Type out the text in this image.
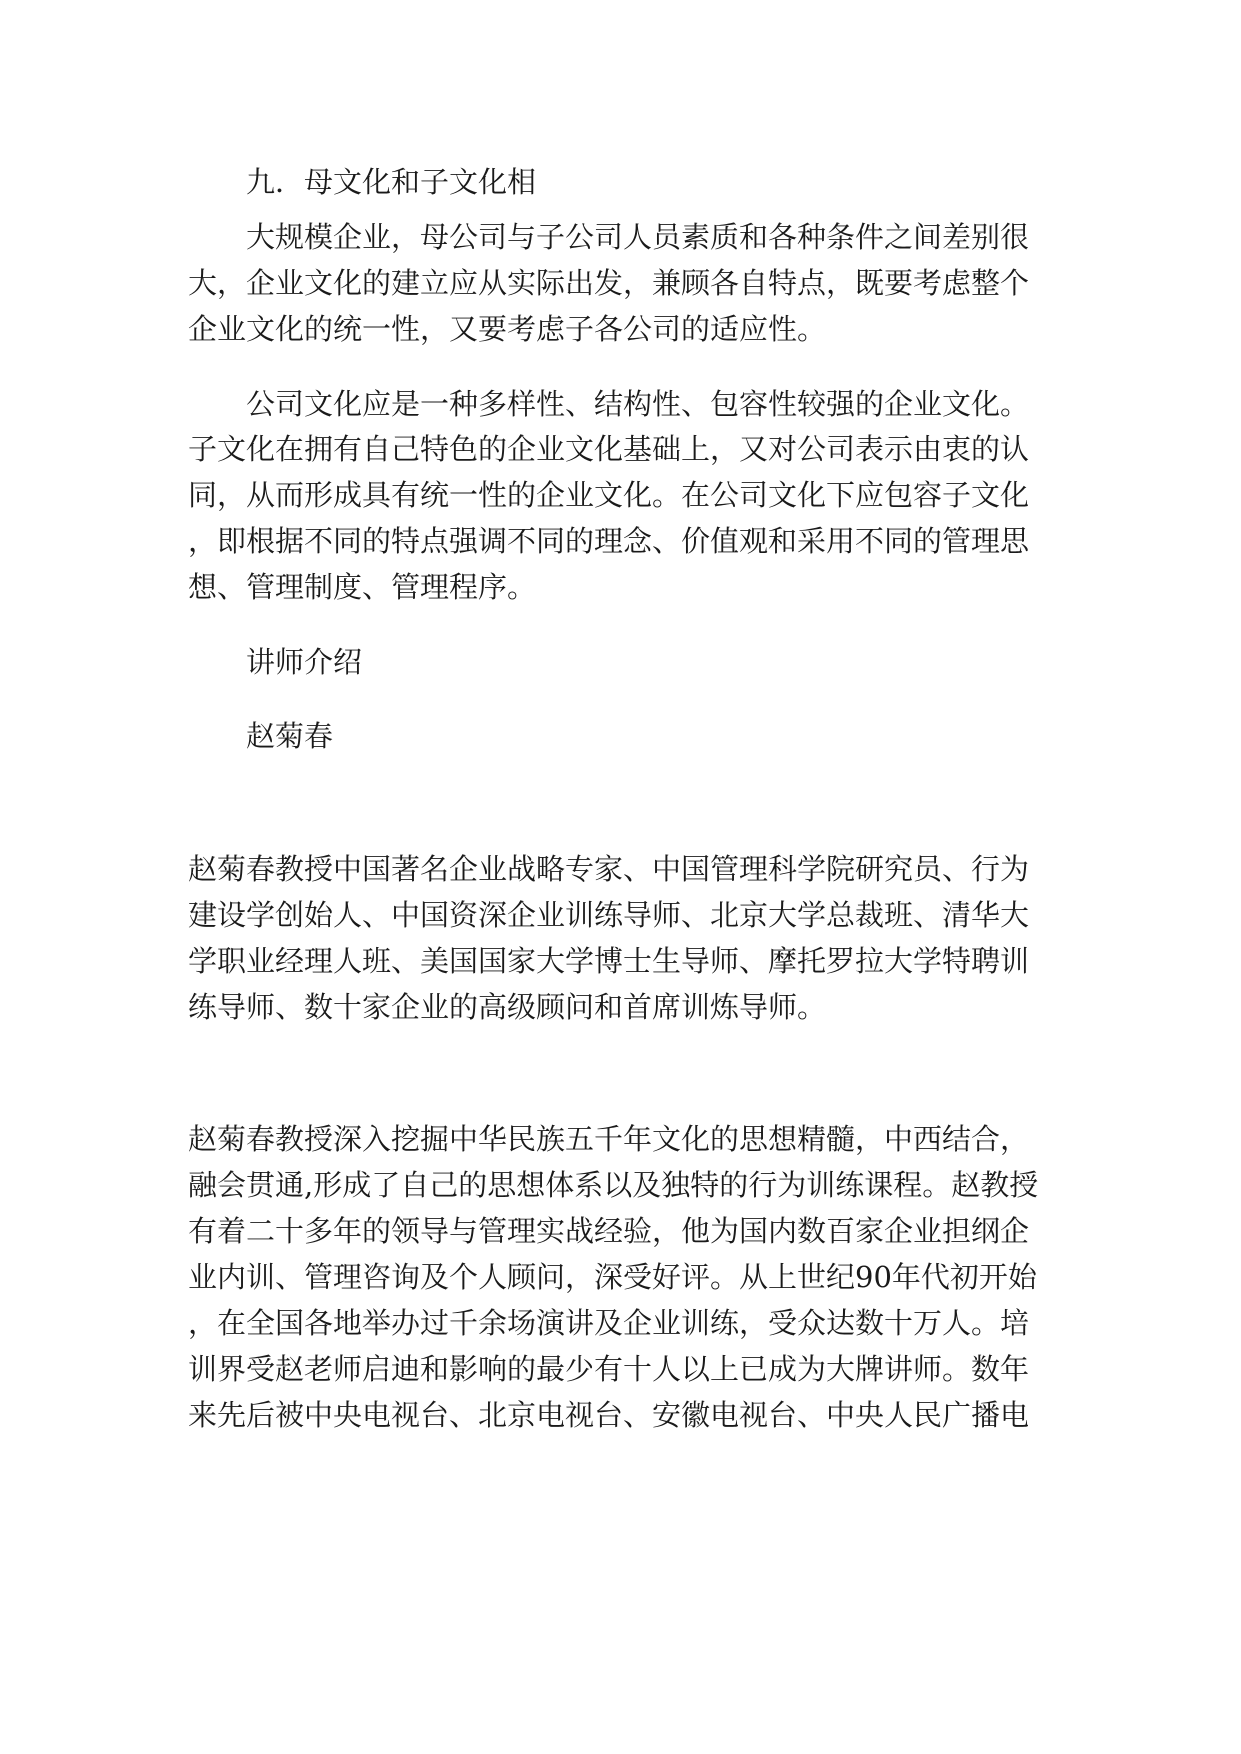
九．母文化和子文化相

大规模企业，母公司与子公司人员素质和各种条件之间差别很

大，企业文化的建立应从实际出发，兼顾各自特点，既要考虑整个

企业文化的统一性，又要考虑子各公司的适应性。

公司文化应是一种多样性、结构性、包容性较强的企业文化。

子文化在拥有自己特色的企业文化基础上，又对公司表示由衷的认

同，从而形成具有统一性的企业文化。在公司文化下应包容子文化

，即根据不同的特点强调不同的理念、价值观和采用不同的管理思

想、管理制度、管理程序。

讲师介绍

赵菊春

赵菊春教授中国著名企业战略专家、中国管理科学院研究员、行为

建设学创始人、中国资深企业训练导师、北京大学总裁班、清华大

学职业经理人班、美国国家大学博士生导师、摩托罗拉大学特聘训

练导师、数十家企业的高级顾问和首席训炼导师。

赵菊春教授深入挖掘中华民族五千年文化的思想精髓，中西结合，

融会贯通,形成了自己的思想体系以及独特的行为训练课程。赵教授

有着二十多年的领导与管理实战经验，他为国内数百家企业担纲企

业内训、管理咨询及个人顾问，深受好评。从上世纪90年代初开始

，在全国各地举办过千余场演讲及企业训练，受众达数十万人。培

训界受赵老师启迪和影响的最少有十人以上已成为大牌讲师。数年

来先后被中央电视台、北京电视台、安徽电视台、中央人民广播电
